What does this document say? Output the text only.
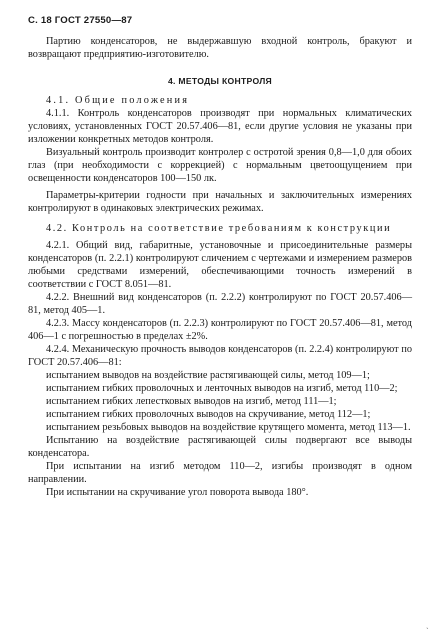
С. 18 ГОСТ 27550—87

Партию конденсаторов, не выдержавшую входной контроль, бракуют и возвращают предприятию-изготовителю.

4. МЕТОДЫ КОНТРОЛЯ

4.1. Общие положения

4.1.1. Контроль конденсаторов производят при нормальных климатических условиях, установленных ГОСТ 20.57.406—81, если другие условия не указаны при изложении конкретных методов контроля.

Визуальный контроль производит контролер с остротой зрения 0,8—1,0 для обоих глаз (при необходимости с коррекцией) с нормальным цветоощущением при освещенности конденсаторов 100—150 лк.

Параметры-критерии годности при начальных и заключительных измерениях контролируют в одинаковых электрических режимах.

4.2. Контроль на соответствие требованиям к конструкции

4.2.1. Общий вид, габаритные, установочные и присоединительные размеры конденсаторов (п. 2.2.1) контролируют сличением с чертежами и измерением размеров любыми средствами измерений, обеспечивающими точность измерений в соответствии с ГОСТ 8.051—81.

4.2.2. Внешний вид конденсаторов (п. 2.2.2) контролируют по ГОСТ 20.57.406—81, метод 405—1.

4.2.3. Массу конденсаторов (п. 2.2.3) контролируют по ГОСТ 20.57.406—81, метод 406—1 с погрешностью в пределах ±2%.

4.2.4. Механическую прочность выводов конденсаторов (п. 2.2.4) контролируют по ГОСТ 20.57.406—81:

испытанием выводов на воздействие растягивающей силы, метод 109—1;

испытанием гибких проволочных и ленточных выводов на изгиб, метод 110—2;

испытанием гибких лепестковых выводов на изгиб, метод 111—1;

испытанием гибких проволочных выводов на скручивание, метод 112—1;

испытанием резьбовых выводов на воздействие крутящего момента, метод 113—1.

Испытанию на воздействие растягивающей силы подвергают все выводы конденсатора.

При испытании на изгиб методом 110—2, изгибы производят в одном направлении.

При испытании на скручивание угол поворота вывода 180°.

ˎ
